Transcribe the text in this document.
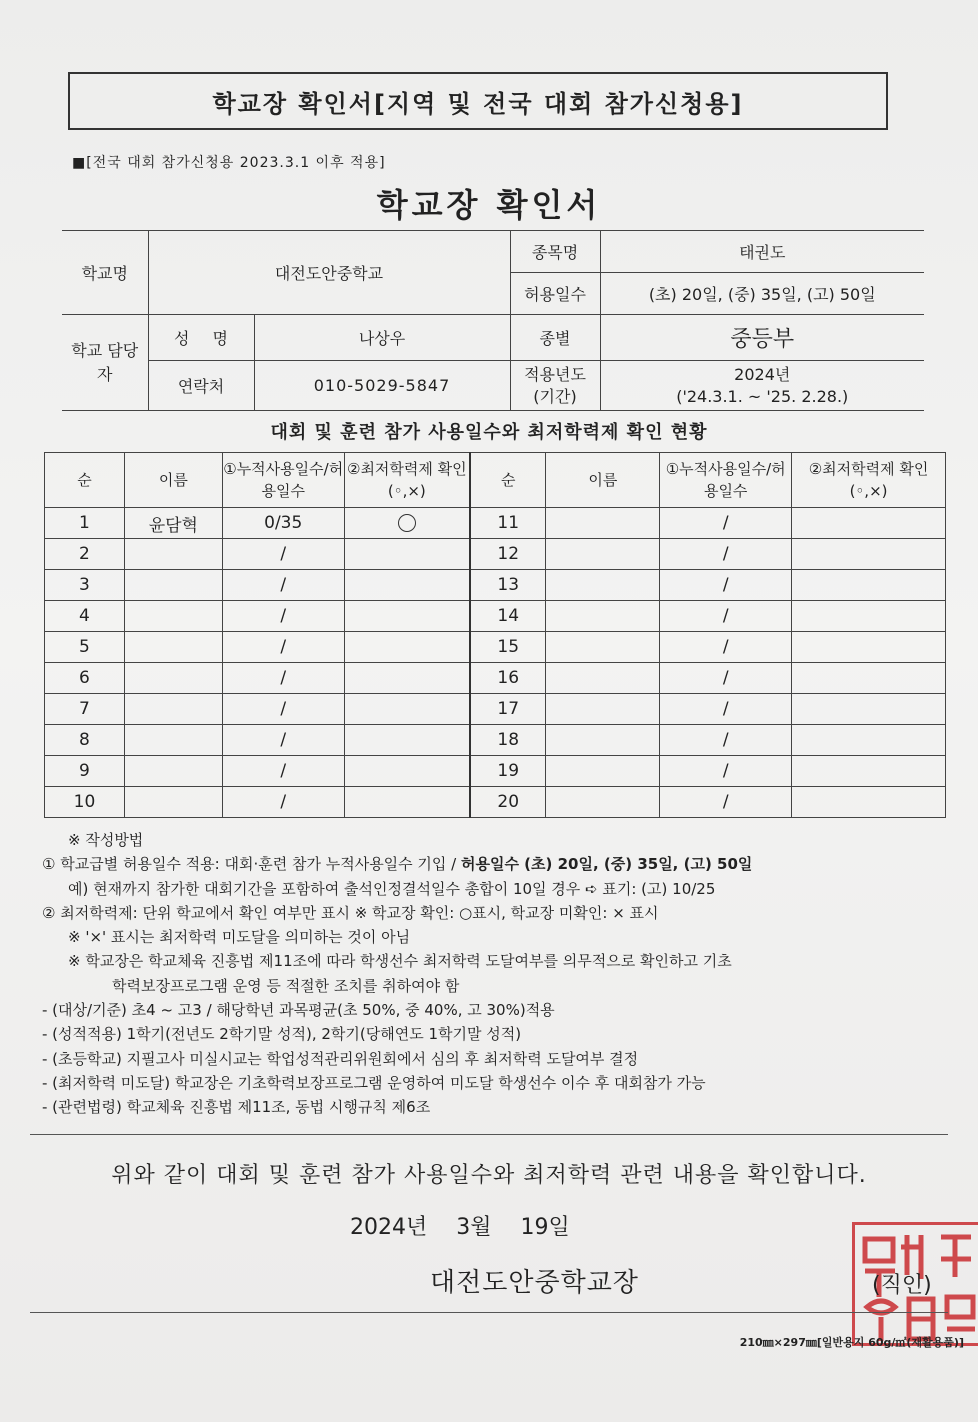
학교장 확인서[지역 및 전국 대회 참가신청용]
■[전국 대회 참가신청용 2023.3.1 이후 적용]
학교장 확인서
학교명	대전도안중학교		종목명	태권도
			허용일수	(초) 20일, (중) 35일, (고) 50일
학교 담당자	성 명	나상우	종별	중등부
	연락처	010-5029-5847	적용년도 (기간)	2024년
('24.3.1. ~ '25. 2.28.)
대회 및 훈련 참가 사용일수와 최저학력제 확인 현황
순	이름	①누적사용일수/허용일수	②최저학력제 확인(◦,×)	순	이름	①누적사용일수/허용일수	②최저학력제 확인(◦,×)
1	윤담혁	0/35		11		/	
2		/		12		/	
3		/		13		/	
4		/		14		/	
5		/		15		/	
6		/		16		/	
7		/		17		/	
8		/		18		/	
9		/		19		/	
10		/		20		/	
※ 작성방법
① 학교급별 허용일수 적용: 대회·훈련 참가 누적사용일수 기입 / 허용일수 (초) 20일, (중) 35일, (고) 50일
예) 현재까지 참가한 대회기간을 포함하여 출석인정결석일수 총합이 10일 경우 ➪ 표기: (고) 10/25
② 최저학력제: 단위 학교에서 확인 여부만 표시 ※ 학교장 확인: ○표시, 학교장 미확인: × 표시
※ '×' 표시는 최저학력 미도달을 의미하는 것이 아님
※ 학교장은 학교체육 진흥법 제11조에 따라 학생선수 최저학력 도달여부를 의무적으로 확인하고 기초
학력보장프로그램 운영 등 적절한 조치를 취하여야 함
- (대상/기준) 초4 ~ 고3 / 해당학년 과목평균(초 50%, 중 40%, 고 30%)적용
- (성적적용) 1학기(전년도 2학기말 성적), 2학기(당해연도 1학기말 성적)
- (초등학교) 지필고사 미실시교는 학업성적관리위원회에서 심의 후 최저학력 도달여부 결정
- (최저학력 미도달) 학교장은 기초학력보장프로그램 운영하여 미도달 학생선수 이수 후 대회참가 가능
- (관련법령) 학교체육 진흥법 제11조, 동법 시행규칙 제6조
위와 같이 대회 및 훈련 참가 사용일수와 최저학력 관련 내용을 확인합니다.
2024년 3월 19일
대전도안중학교장	(직인)
210㎜×297㎜[일반용지 60g/㎡(재활용품)]
